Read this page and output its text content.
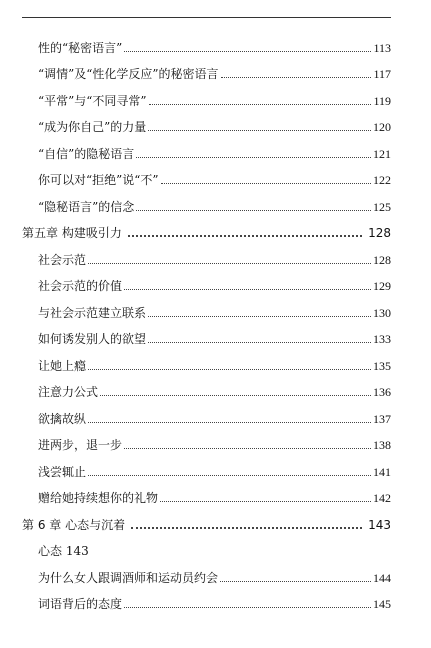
性的“秘密语言”	113
“调情”及“性化学反应”的秘密语言	117
“平常”与“不同寻常”	119
“成为你自己”的力量	120
“自信”的隐秘语言	121
你可以对“拒绝”说“不”	122
“隐秘语言”的信念	125
第五章 构建吸引力	128
社会示范	128
社会示范的价值	129
与社会示范建立联系	130
如何诱发别人的欲望	133
让她上瘾	135
注意力公式	136
欲擒故纵	137
进两步，退一步	138
浅尝辄止	141
赠给她持续想你的礼物	142
第 6 章 心态与沉着	143
心态 143
为什么女人跟调酒师和运动员约会	144
词语背后的态度	145
